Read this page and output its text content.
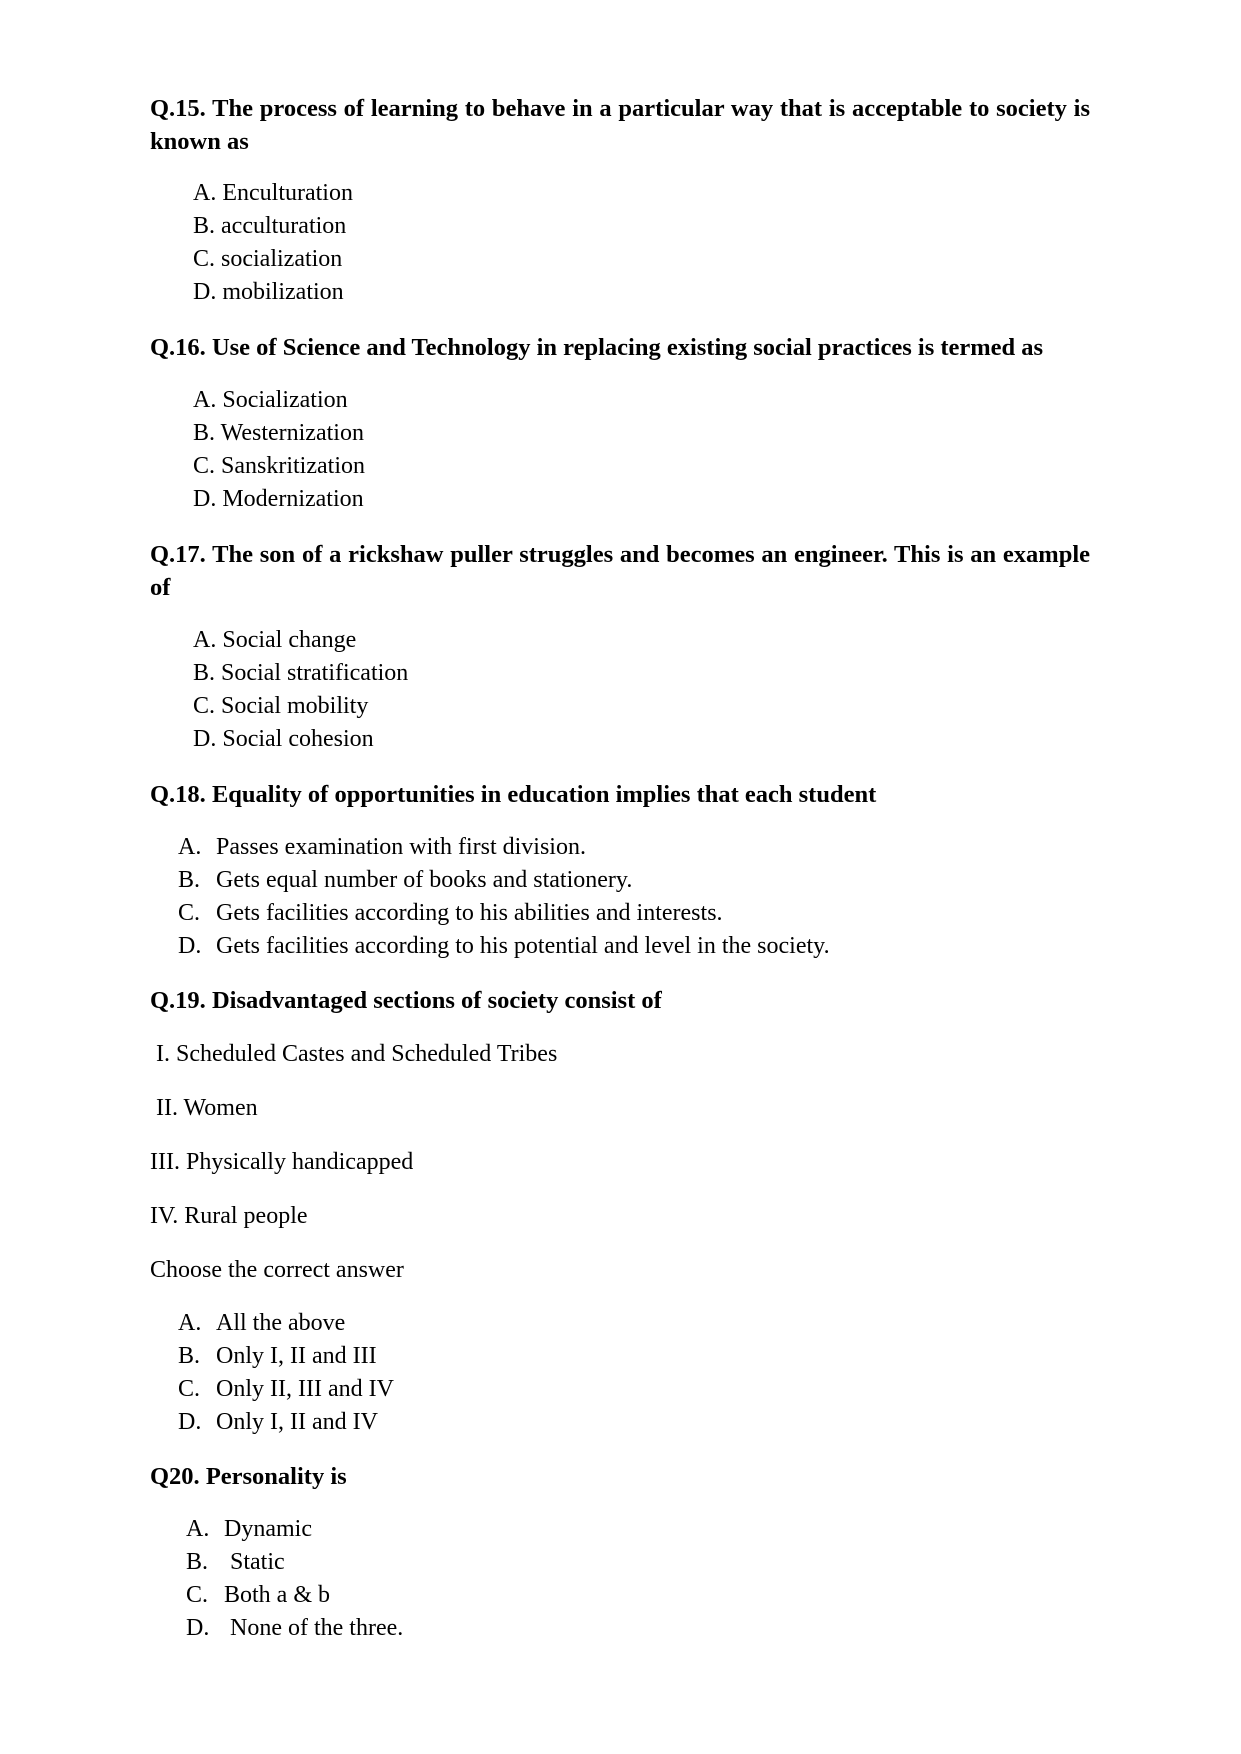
Q.15. The process of learning to behave in a particular way that is acceptable to society is known as

A. Enculturation
B. acculturation
C. socialization
D. mobilization

Q.16. Use of Science and Technology in replacing existing social practices is termed as

A. Socialization
B. Westernization
C. Sanskritization
D. Modernization

Q.17. The son of a rickshaw puller struggles and becomes an engineer. This is an example of

A. Social change
B. Social stratification
C. Social mobility
D. Social cohesion

Q.18. Equality of opportunities in education implies that each student

A. Passes examination with first division.
B. Gets equal number of books and stationery.
C. Gets facilities according to his abilities and interests.
D. Gets facilities according to his potential and level in the society.

Q.19. Disadvantaged sections of society consist of

I. Scheduled Castes and Scheduled Tribes
II. Women
III. Physically handicapped
IV. Rural people
Choose the correct answer
A. All the above
B. Only I, II and III
C. Only II, III and IV
D. Only I, II and IV

Q20. Personality is

A. Dynamic
B. Static
C. Both a & b
D. None of the three.
